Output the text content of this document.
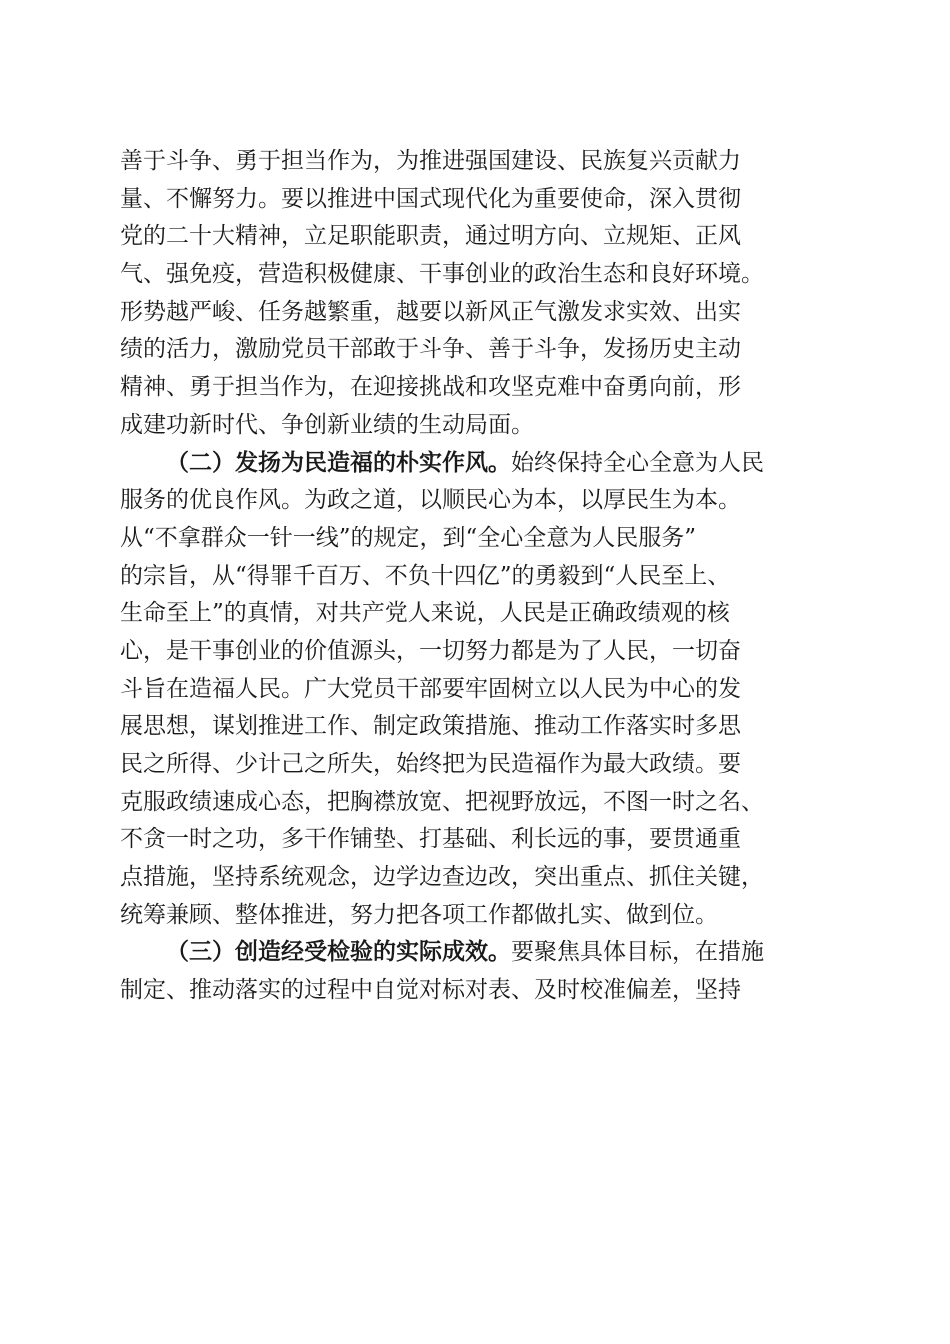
善于斗争、勇于担当作为，为推进强国建设、民族复兴贡献力
量、不懈努力。要以推进中国式现代化为重要使命，深入贯彻
党的二十大精神，立足职能职责，通过明方向、立规矩、正风
气、强免疫，营造积极健康、干事创业的政治生态和良好环境。
形势越严峻、任务越繁重，越要以新风正气激发求实效、出实
绩的活力，激励党员干部敢于斗争、善于斗争，发扬历史主动
精神、勇于担当作为，在迎接挑战和攻坚克难中奋勇向前，形
成建功新时代、争创新业绩的生动局面。
（二）发扬为民造福的朴实作风。始终保持全心全意为人民
服务的优良作风。为政之道，以顺民心为本，以厚民生为本。
从“不拿群众一针一线”的规定，到“全心全意为人民服务”
的宗旨，从“得罪千百万、不负十四亿”的勇毅到“人民至上、
生命至上”的真情，对共产党人来说，人民是正确政绩观的核
心，是干事创业的价值源头，一切努力都是为了人民，一切奋
斗旨在造福人民。广大党员干部要牢固树立以人民为中心的发
展思想，谋划推进工作、制定政策措施、推动工作落实时多思
民之所得、少计己之所失，始终把为民造福作为最大政绩。要
克服政绩速成心态，把胸襟放宽、把视野放远，不图一时之名、
不贪一时之功，多干作铺垫、打基础、利长远的事，要贯通重
点措施，坚持系统观念，边学边查边改，突出重点、抓住关键，
统筹兼顾、整体推进，努力把各项工作都做扎实、做到位。
（三）创造经受检验的实际成效。要聚焦具体目标，在措施
制定、推动落实的过程中自觉对标对表、及时校准偏差，坚持
